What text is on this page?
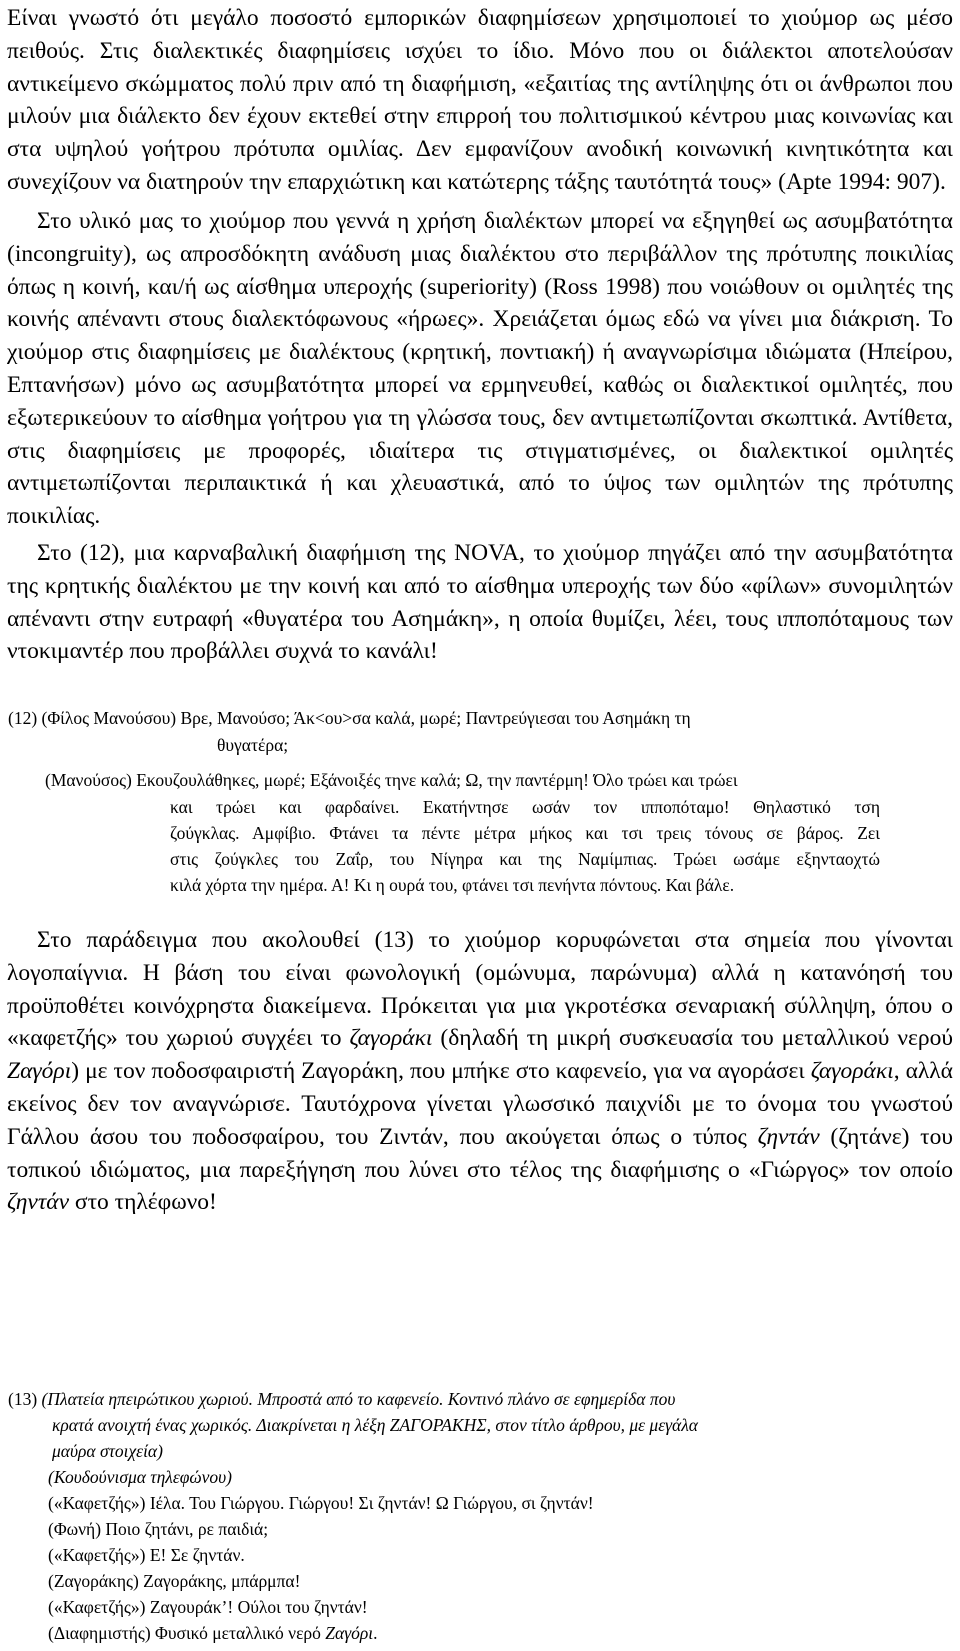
Είναι γνωστό ότι μεγάλο ποσοστό εμπορικών διαφημίσεων χρησιμοποιεί το χιούμορ ως μέσο πειθούς. Στις διαλεκτικές διαφημίσεις ισχύει το ίδιο. Μόνο που οι διάλεκτοι αποτελούσαν αντικείμενο σκώμματος πολύ πριν από τη διαφήμιση, «εξαιτίας της αντίληψης ότι οι άνθρωποι που μιλούν μια διάλεκτο δεν έχουν εκτεθεί στην επιρροή του πολιτισμικού κέντρου μιας κοινωνίας και στα υψηλού γοήτρου πρότυπα ομιλίας. Δεν εμφανίζουν ανοδική κοινωνική κινητικότητα και συνεχίζουν να διατηρούν την επαρχιώτικη και κατώτερης τάξης ταυτότητά τους» (Apte 1994: 907).

Στο υλικό μας το χιούμορ που γεννά η χρήση διαλέκτων μπορεί να εξηγηθεί ως ασυμβατότητα (incongruity), ως απροσδόκητη ανάδυση μιας διαλέκτου στο περιβάλλον της πρότυπης ποικιλίας όπως η κοινή, και/ή ως αίσθημα υπεροχής (superiority) (Ross 1998) που νοιώθουν οι ομιλητές της κοινής απέναντι στους διαλεκτόφωνους «ήρωες». Χρειάζεται όμως εδώ να γίνει μια διάκριση. Το χιούμορ στις διαφημίσεις με διαλέκτους (κρητική, ποντιακή) ή αναγνωρίσιμα ιδιώματα (Ηπείρου, Επτανήσων) μόνο ως ασυμβατότητα μπορεί να ερμηνευθεί, καθώς οι διαλεκτικοί ομιλητές, που εξωτερικεύουν το αίσθημα γοήτρου για τη γλώσσα τους, δεν αντιμετωπίζονται σκωπτικά. Αντίθετα, στις διαφημίσεις με προφορές, ιδιαίτερα τις στιγματισμένες, οι διαλεκτικοί ομιλητές αντιμετωπίζονται περιπαικτικά ή και χλευαστικά, από το ύψος των ομιλητών της πρότυπης ποικιλίας.

Στο (12), μια καρναβαλική διαφήμιση της NOVA, το χιούμορ πηγάζει από την ασυμβατότητα της κρητικής διαλέκτου με την κοινή και από το αίσθημα υπεροχής των δύο «φίλων» συνομιλητών απέναντι στην ευτραφή «θυγατέρα του Ασημάκη», η οποία θυμίζει, λέει, τους ιπποπόταμους των ντοκιμαντέρ που προβάλλει συχνά το κανάλι!

(12) (Φίλος Μανούσου) Βρε, Μανούσο; Άκ<ου>σα καλά, μωρέ; Παντρεύγιεσαι του Ασημάκη τη
θυγατέρα;
(Μανούσος) Εκουζουλάθηκες, μωρέ; Εξάνοιξές τηνε καλά; Ω, την παντέρμη! Όλο τρώει και τρώει
και τρώει και φαρδαίνει. Εκατήντησε ωσάν τον ιπποπόταμο! Θηλαστικό τση
ζούγκλας. Αμφίβιο. Φτάνει τα πέντε μέτρα μήκος και τσι τρεις τόνους σε βάρος. Ζει
στις ζούγκλες του Ζαΐρ, του Νίγηρα και της Ναμίμπιας. Τρώει ωσάμε εξηνταοχτώ
κιλά χόρτα την ημέρα. Α! Κι η ουρά του, φτάνει τσι πενήντα πόντους. Και βάλε.

Στο παράδειγμα που ακολουθεί (13) το χιούμορ κορυφώνεται στα σημεία που γίνονται λογοπαίγνια. Η βάση του είναι φωνολογική (ομώνυμα, παρώνυμα) αλλά η κατανόησή του προϋποθέτει κοινόχρηστα διακείμενα. Πρόκειται για μια γκροτέσκα σεναριακή σύλληψη, όπου ο «καφετζής» του χωριού συγχέει το ζαγοράκι (δηλαδή τη μικρή συσκευασία του μεταλλικού νερού Ζαγόρι) με τον ποδοσφαιριστή Ζαγοράκη, που μπήκε στο καφενείο, για να αγοράσει ζαγοράκι, αλλά εκείνος δεν τον αναγνώρισε. Ταυτόχρονα γίνεται γλωσσικό παιχνίδι με το όνομα του γνωστού Γάλλου άσου του ποδοσφαίρου, του Ζιντάν, που ακούγεται όπως ο τύπος ζηντάν (ζητάνε) του τοπικού ιδιώματος, μια παρεξήγηση που λύνει στο τέλος της διαφήμισης ο «Γιώργος» τον οποίο ζηντάν στο τηλέφωνο!

(13) (Πλατεία ηπειρώτικου χωριού. Μπροστά από το καφενείο. Κοντινό πλάνο σε εφημερίδα που
κρατά ανοιχτή ένας χωρικός. Διακρίνεται η λέξη ΖΑΓΟΡΑΚΗΣ, στον τίτλο άρθρου, με μεγάλα
μαύρα στοιχεία)
(Κουδούνισμα τηλεφώνου)
(«Καφετζής») Ιέλα. Του Γιώργου. Γιώργου! Σι ζηντάν! Ω Γιώργου, σι ζηντάν!
(Φωνή) Ποιο ζητάνι, ρε παιδιά;
(«Καφετζής») Ε! Σε ζηντάν.
(Ζαγοράκης) Ζαγοράκης, μπάρμπα!
(«Καφετζής») Ζαγουράκ’! Ούλοι του ζηντάν!
(Διαφημιστής) Φυσικό μεταλλικό νερό Ζαγόρι.
